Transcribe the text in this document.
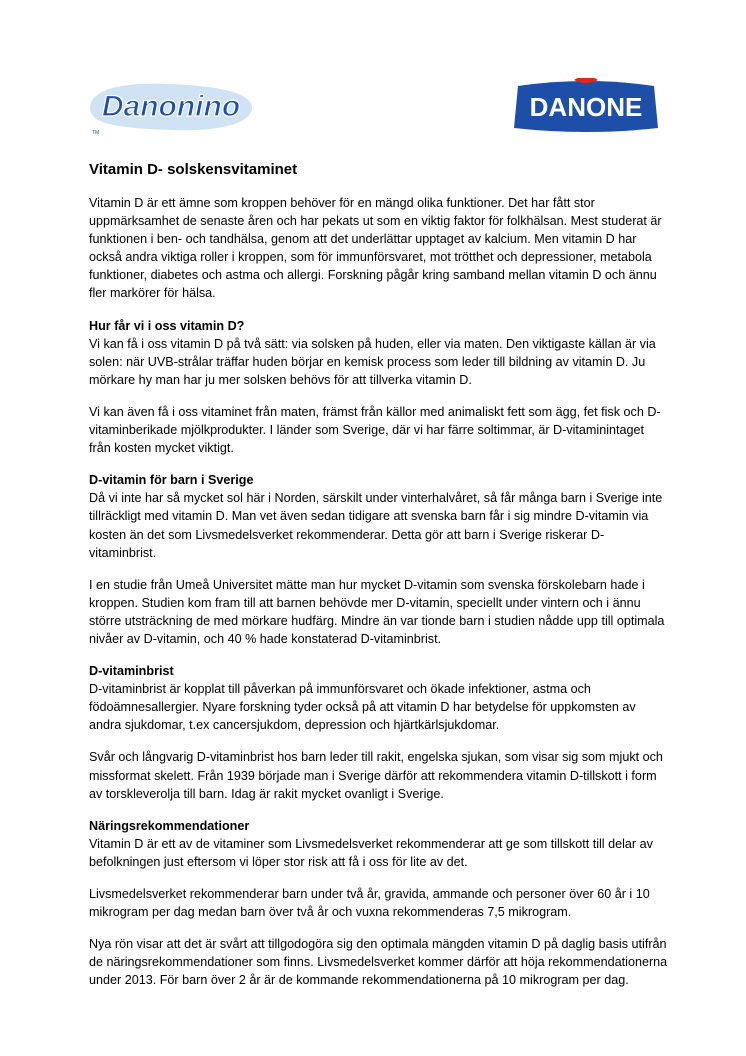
Danonino
TM
DANONE
Vitamin D- solskensvitaminet

Vitamin D är ett ämne som kroppen behöver för en mängd olika funktioner. Det har fått stor uppmärksamhet de senaste åren och har pekats ut som en viktig faktor för folkhälsan. Mest studerat är funktionen i ben- och tandhälsa, genom att det underlättar upptaget av kalcium. Men vitamin D har också andra viktiga roller i kroppen, som för immunförsvaret, mot trötthet och depressioner, metabola funktioner, diabetes och astma och allergi. Forskning pågår kring samband mellan vitamin D och ännu fler markörer för hälsa.

Hur får vi i oss vitamin D?
Vi kan få i oss vitamin D på två sätt: via solsken på huden, eller via maten. Den viktigaste källan är via solen: när UVB-strålar träffar huden börjar en kemisk process som leder till bildning av vitamin D. Ju mörkare hy man har ju mer solsken behövs för att tillverka vitamin D.

Vi kan även få i oss vitaminet från maten, främst från källor med animaliskt fett som ägg, fet fisk och D-vitaminberikade mjölkprodukter. I länder som Sverige, där vi har färre soltimmar, är D-vitaminintaget från kosten mycket viktigt.

D-vitamin för barn i Sverige
Då vi inte har så mycket sol här i Norden, särskilt under vinterhalvåret, så får många barn i Sverige inte tillräckligt med vitamin D. Man vet även sedan tidigare att svenska barn får i sig mindre D-vitamin via kosten än det som Livsmedelsverket rekommenderar. Detta gör att barn i Sverige riskerar D-vitaminbrist.

I en studie från Umeå Universitet mätte man hur mycket D-vitamin som svenska förskolebarn hade i kroppen. Studien kom fram till att barnen behövde mer D-vitamin, speciellt under vintern och i ännu större utsträckning de med mörkare hudfärg. Mindre än var tionde barn i studien nådde upp till optimala nivåer av D-vitamin, och 40 % hade konstaterad D-vitaminbrist.

D-vitaminbrist
D-vitaminbrist är kopplat till påverkan på immunförsvaret och ökade infektioner, astma och födoämnesallergier. Nyare forskning tyder också på att vitamin D har betydelse för uppkomsten av andra sjukdomar, t.ex cancersjukdom, depression och hjärtkärlsjukdomar.

Svår och långvarig D-vitaminbrist hos barn leder till rakit, engelska sjukan, som visar sig som mjukt och missformat skelett. Från 1939 började man i Sverige därför att rekommendera vitamin D-tillskott i form av torskleverolja till barn. Idag är rakit mycket ovanligt i Sverige.

Näringsrekommendationer
Vitamin D är ett av de vitaminer som Livsmedelsverket rekommenderar att ge som tillskott till delar av befolkningen just eftersom vi löper stor risk att få i oss för lite av det.

Livsmedelsverket rekommenderar barn under två år, gravida, ammande och personer över 60 år i 10 mikrogram per dag medan barn över två år och vuxna rekommenderas 7,5 mikrogram.

Nya rön visar att det är svårt att tillgodogöra sig den optimala mängden vitamin D på daglig basis utifrån de näringsrekommendationer som finns. Livsmedelsverket kommer därför att höja rekommendationerna under 2013. För barn över 2 år är de kommande rekommendationerna på 10 mikrogram per dag.
